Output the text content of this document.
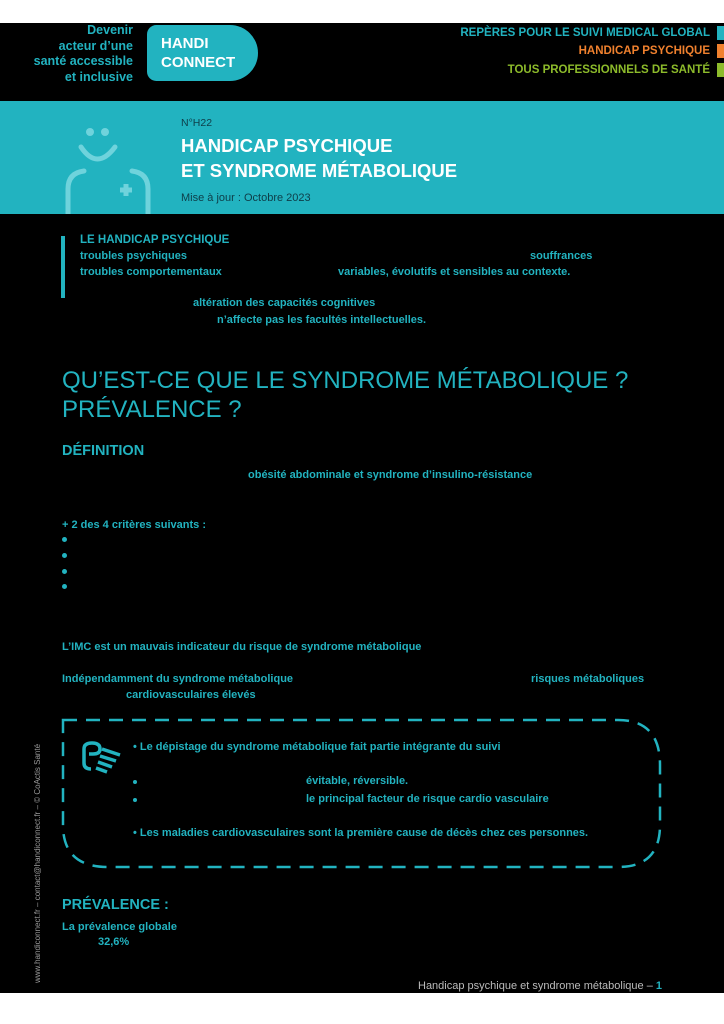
Devenir
acteur d’une
santé accessible
et inclusive
HANDI
CONNECT
REPÈRES POUR LE SUIVI MEDICAL GLOBAL
HANDICAP PSYCHIQUE
TOUS PROFESSIONNELS DE SANTÉ
N°H22
HANDICAP PSYCHIQUE
ET SYNDROME MÉTABOLIQUE
Mise à jour : Octobre 2023
LE HANDICAP PSYCHIQUE
troubles psychiques	souffrances
troubles comportementaux	variables, évolutifs et sensibles au contexte.
altération des capacités cognitives
n’affecte pas les facultés intellectuelles.
QU’EST-CE QUE LE SYNDROME MÉTABOLIQUE ?
PRÉVALENCE ?
DÉFINITION
obésité abdominale et syndrome d’insulino-résistance
+ 2 des 4 critères suivants :
L’IMC est un mauvais indicateur du risque de syndrome métabolique
Indépendamment du syndrome métabolique	risques métaboliques
cardiovasculaires élevés
• Le dépistage du syndrome métabolique fait partie intégrante du suivi
évitable, réversible.
le principal facteur de risque cardio vasculaire
• Les maladies cardiovasculaires sont la première cause de décès chez ces personnes.
PRÉVALENCE :
La prévalence globale
32,6%
www.handiconnect.fr – contact@handiconnect.fr – © CoActis Santé
Handicap psychique et syndrome métabolique – 1
